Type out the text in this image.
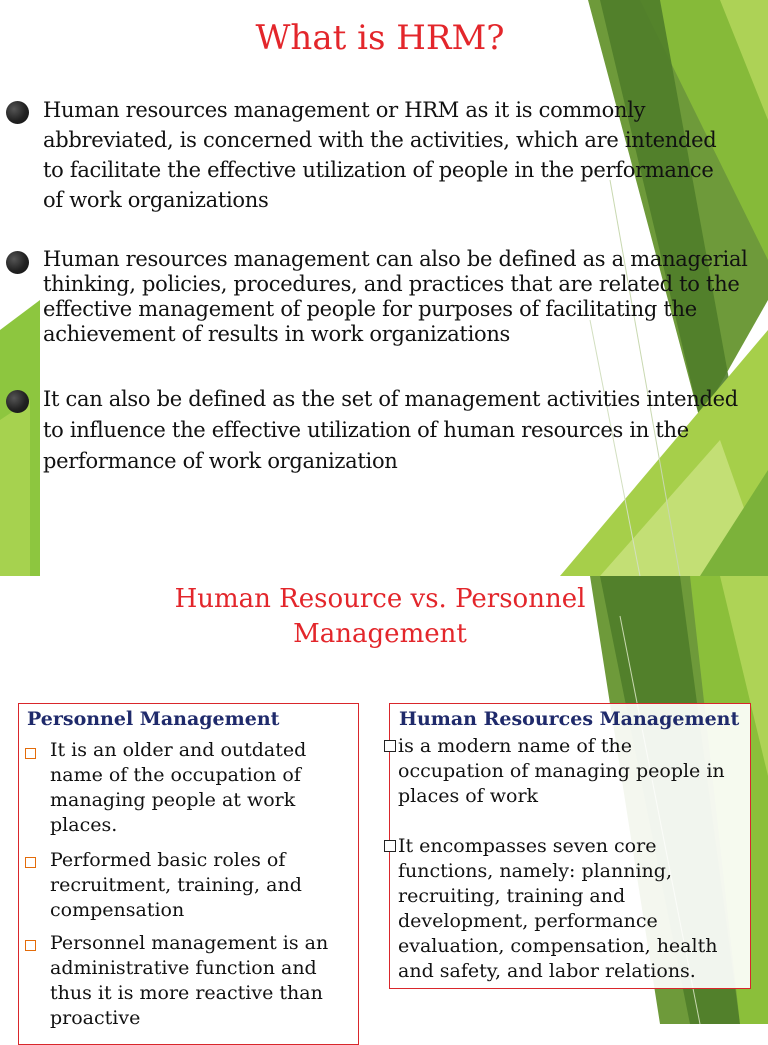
What is HRM?
Human resources management or HRM as it is commonly
abbreviated, is concerned with the activities, which are intended
to facilitate the effective utilization of people in the performance
of work organizations
Human resources management can also be defined as a managerial
thinking, policies, procedures, and practices that are related to the
effective management of people for purposes of facilitating the
achievement of results in work organizations
It can also be defined as the set of management activities intended
to influence the effective utilization of human resources in the
performance of work organization
Human Resource vs. Personnel
Management
Personnel Management
It is an older and outdated
name of the occupation of
managing people at work
places.
Performed basic roles of
recruitment, training, and
compensation
Personnel management is an
administrative function and
thus it is more reactive than
proactive
Human Resources Management
is a modern name of the
occupation of managing people in
places of work
It encompasses seven core
functions, namely: planning,
recruiting, training and
development, performance
evaluation, compensation, health
and safety, and labor relations.
